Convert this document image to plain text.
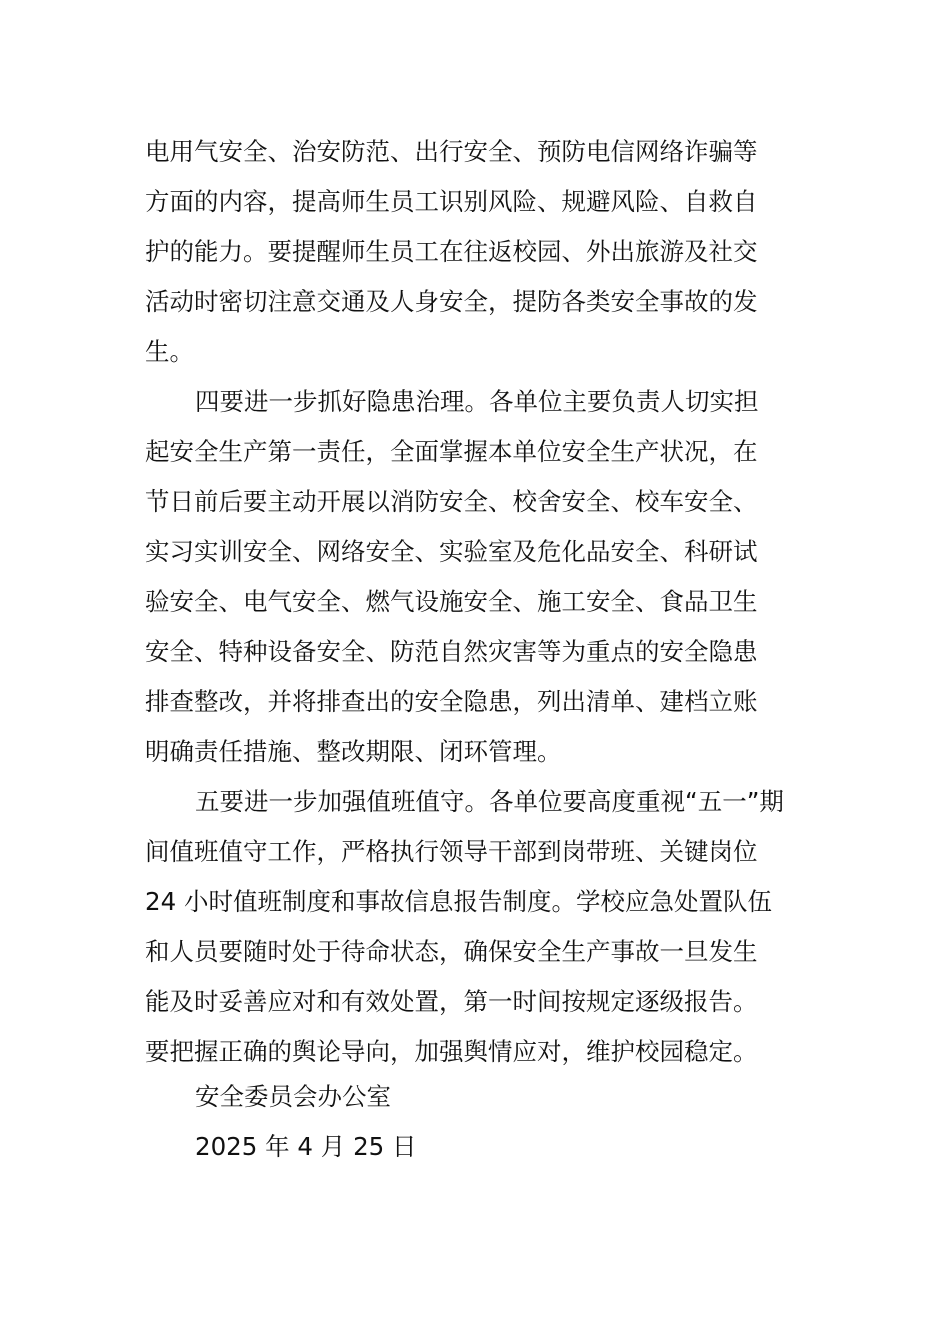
电用气安全、治安防范、出行安全、预防电信网络诈骗等
方面的内容，提高师生员工识别风险、规避风险、自救自
护的能力。要提醒师生员工在往返校园、外出旅游及社交
活动时密切注意交通及人身安全，提防各类安全事故的发
生。
四要进一步抓好隐患治理。各单位主要负责人切实担
起安全生产第一责任，全面掌握本单位安全生产状况，在
节日前后要主动开展以消防安全、校舍安全、校车安全、
实习实训安全、网络安全、实验室及危化品安全、科研试
验安全、电气安全、燃气设施安全、施工安全、食品卫生
安全、特种设备安全、防范自然灾害等为重点的安全隐患
排查整改，并将排查出的安全隐患，列出清单、建档立账
明确责任措施、整改期限、闭环管理。
五要进一步加强值班值守。各单位要高度重视“五一”期
间值班值守工作，严格执行领导干部到岗带班、关键岗位
24 小时值班制度和事故信息报告制度。学校应急处置队伍
和人员要随时处于待命状态，确保安全生产事故一旦发生
能及时妥善应对和有效处置，第一时间按规定逐级报告。
要把握正确的舆论导向，加强舆情应对，维护校园稳定。
安全委员会办公室
2025 年 4 月 25 日
